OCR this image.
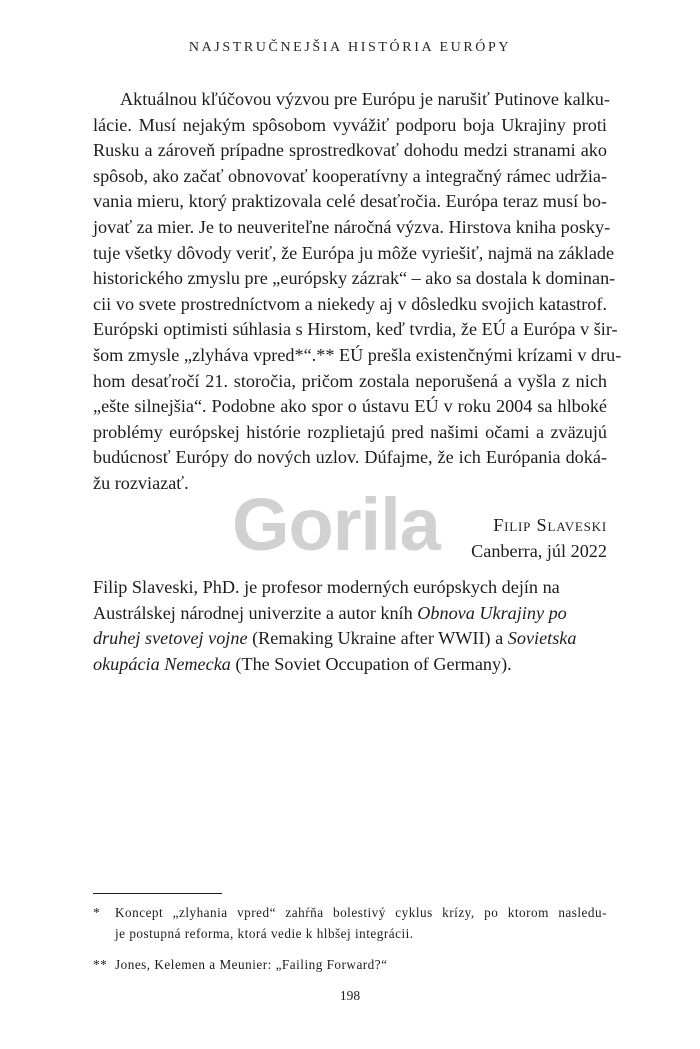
NAJSTRUČNEJŠIA HISTÓRIA EURÓPY
Aktuálnou kľúčovou výzvou pre Európu je narušiť Putinove kalku-
lácie. Musí nejakým spôsobom vyvážiť podporu boja Ukrajiny proti
Rusku a zároveň prípadne sprostredkovať dohodu medzi stranami ako
spôsob, ako začať obnovovať kooperatívny a integračný rámec udržia-
vania mieru, ktorý praktizovala celé desaťročia. Európa teraz musí bo-
jovať za mier. Je to neuveriteľne náročná výzva. Hirstova kniha posky-
tuje všetky dôvody veriť, že Európa ju môže vyriešiť, najmä na základe
historického zmyslu pre „európsky zázrak“ – ako sa dostala k dominan-
cii vo svete prostredníctvom a niekedy aj v dôsledku svojich katastrof.
Európski optimisti súhlasia s Hirstom, keď tvrdia, že EÚ a Európa v šir-
šom zmysle „zlyháva vpred*“.** EÚ prešla existenčnými krízami v dru-
hom desaťročí 21. storočia, pričom zostala neporušená a vyšla z nich
„ešte silnejšia“. Podobne ako spor o ústavu EÚ v roku 2004 sa hlboké
problémy európskej histórie rozplietajú pred našimi očami a zväzujú
budúcnosť Európy do nových uzlov. Dúfajme, že ich Európania doká-
žu rozviazať.
Gorila	Filip Slaveski
Canberra, júl 2022
Filip Slaveski, PhD. je profesor moderných európskych dejín na Austrálskej národnej univerzite a autor kníh Obnova Ukrajiny po druhej svetovej vojne (Remaking Ukraine after WWII) a Sovietska okupácia Nemecka (The Soviet Occupation of Germany).
* Koncept „zlyhania vpred“ zahŕňa bolestivý cyklus krízy, po ktorom nasledu-
je postupná reforma, ktorá vedie k hlbšej integrácii.
** Jones, Kelemen a Meunier: „Failing Forward?“
198
